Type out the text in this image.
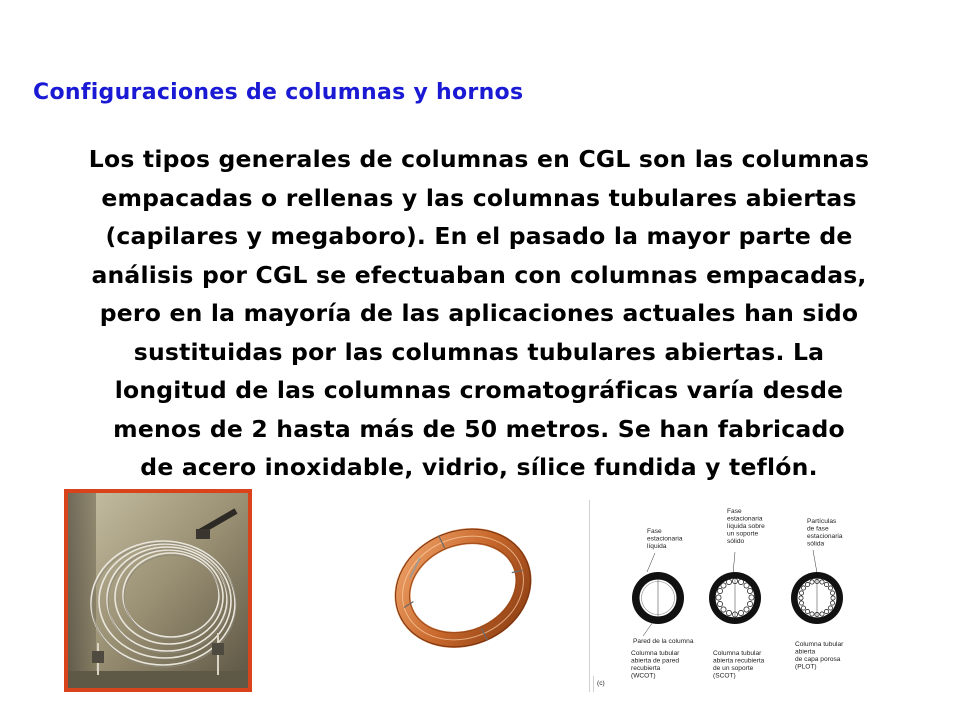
Configuraciones de columnas y hornos
Los tipos generales de columnas en CGL son las columnas
empacadas o rellenas y las columnas tubulares abiertas
(capilares y megaboro). En el pasado la mayor parte de
análisis por CGL se efectuaban con columnas empacadas,
pero en la mayoría de las aplicaciones actuales han sido
sustituidas por las columnas tubulares abiertas. La
longitud de las columnas cromatográficas varía desde
menos de 2 hasta más de 50 metros. Se han fabricado
de acero inoxidable, vidrio, sílice fundida y teflón.
Fase estacionaria líquida
Fase estacionaria líquida sobre un soporte sólido
Partículas de fase estacionaria sólida
Pared de la columna
Columna tubular abierta de pared recubierta (WCOT)
Columna tubular abierta recubierta de un soporte (SCOT)
Columna tubular abierta de capa porosa (PLOT)
(c)
